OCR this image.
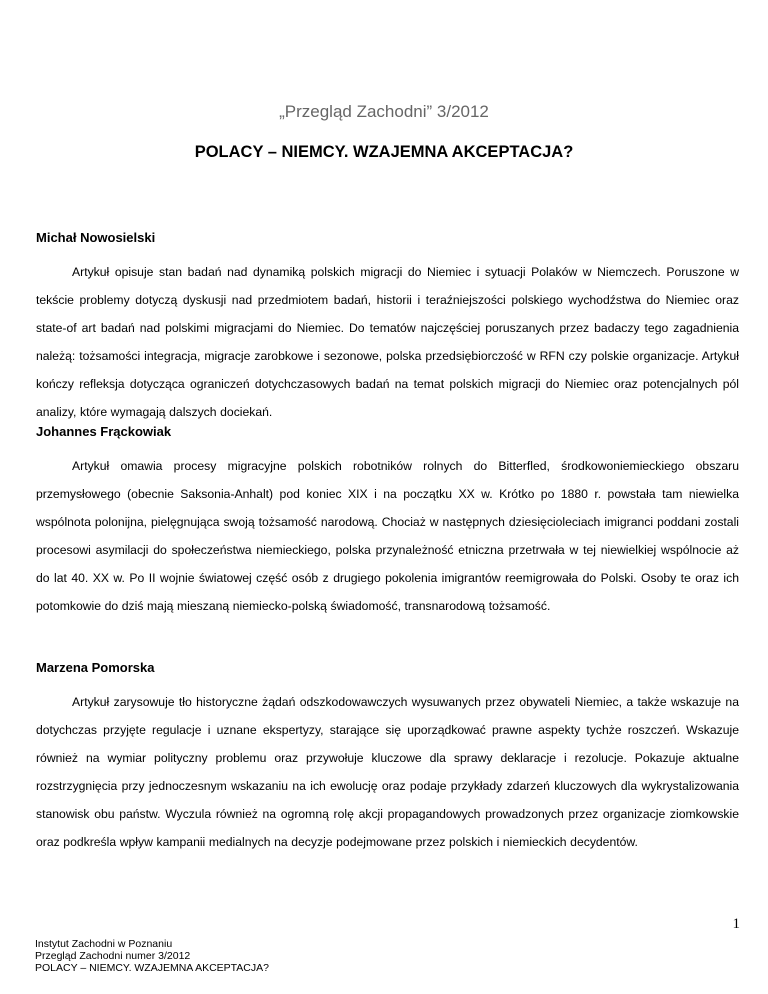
„Przegląd Zachodni” 3/2012

POLACY – NIEMCY. WZAJEMNA AKCEPTACJA?

Michał Nowosielski

Artykuł opisuje stan badań nad dynamiką polskich migracji do Niemiec i sytuacji Polaków w Niemczech. Poruszone w tekście problemy dotyczą dyskusji nad przedmiotem badań, historii i teraźniejszości polskiego wychodźstwa do Niemiec oraz state-of art badań nad polskimi migracjami do Niemiec. Do tematów najczęściej poruszanych przez badaczy tego zagadnienia należą: tożsamości integracja, migracje zarobkowe i sezonowe, polska przedsiębiorczość w RFN czy polskie organizacje. Artykuł kończy refleksja dotycząca ograniczeń dotychczasowych badań na temat polskich migracji do Niemiec oraz potencjalnych pól analizy, które wymagają dalszych dociekań.

Johannes Frąckowiak

Artykuł omawia procesy migracyjne polskich robotników rolnych do Bitterfled, środkowoniemieckiego obszaru przemysłowego (obecnie Saksonia-Anhalt) pod koniec XIX i na początku XX w. Krótko po 1880 r. powstała tam niewielka wspólnota polonijna, pielęgnująca swoją tożsamość narodową. Chociaż w następnych dziesięcioleciach imigranci poddani zostali procesowi asymilacji do społeczeństwa niemieckiego, polska przynależność etniczna przetrwała w tej niewielkiej wspólnocie aż do lat 40. XX w. Po II wojnie światowej część osób z drugiego pokolenia imigrantów reemigrowała do Polski. Osoby te oraz ich potomkowie do dziś mają mieszaną niemiecko-polską świadomość, transnarodową tożsamość.

Marzena Pomorska

Artykuł zarysowuje tło historyczne żądań odszkodowawczych wysuwanych przez obywateli Niemiec, a także wskazuje na dotychczas przyjęte regulacje i uznane ekspertyzy, starające się uporządkować prawne aspekty tychże roszczeń. Wskazuje również na wymiar polityczny problemu oraz przywołuje kluczowe dla sprawy deklaracje i rezolucje. Pokazuje aktualne rozstrzygnięcia przy jednoczesnym wskazaniu na ich ewolucję oraz podaje przykłady zdarzeń kluczowych dla wykrystalizowania stanowisk obu państw. Wyczula również na ogromną rolę akcji propagandowych prowadzonych przez organizacje ziomkowskie oraz podkreśla wpływ kampanii medialnych na decyzje podejmowane przez polskich i niemieckich decydentów.

1
Instytut Zachodni w Poznaniu
Przegląd Zachodni numer 3/2012
POLACY – NIEMCY. WZAJEMNA AKCEPTACJA?
